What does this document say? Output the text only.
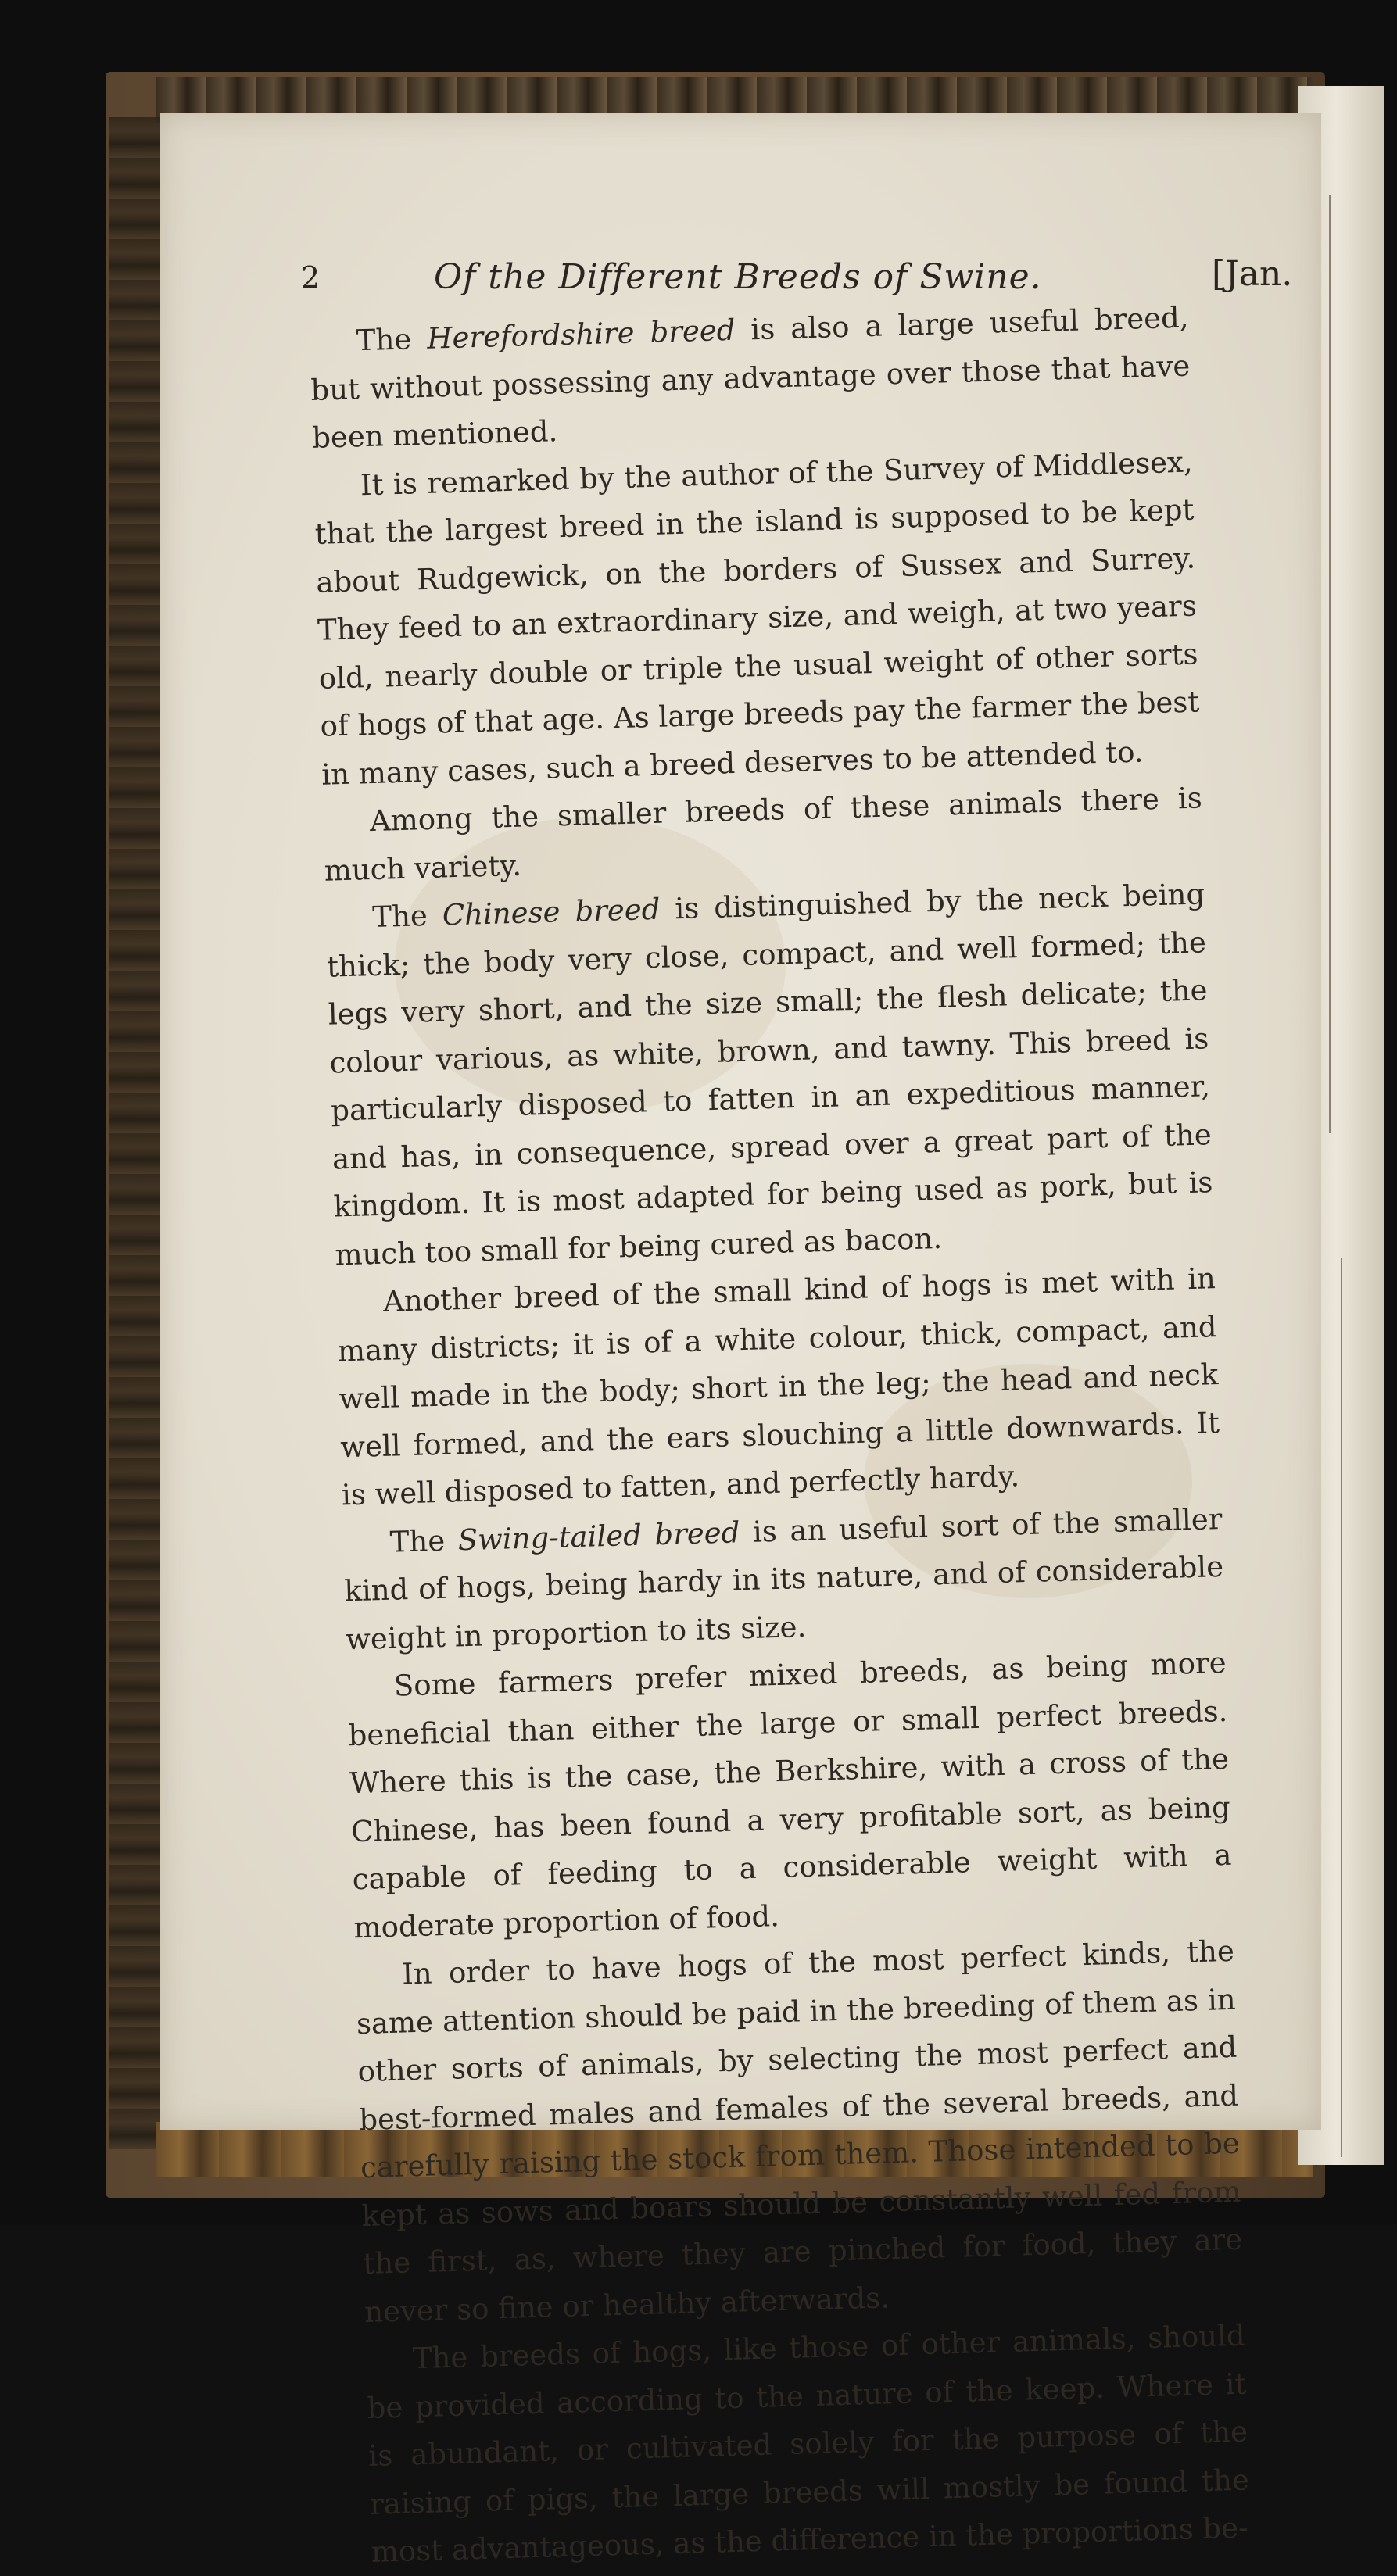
2	Of the Different Breeds of Swine.	[Jan.

The Herefordshire breed is also a large useful breed, but without possessing any advantage over those that have been mentioned.

It is remarked by the author of the Survey of Middlesex, that the largest breed in the island is supposed to be kept about Rudgewick, on the borders of Sussex and Surrey. They feed to an extraordinary size, and weigh, at two years old, nearly double or triple the usual weight of other sorts of hogs of that age. As large breeds pay the farmer the best in many cases, such a breed deserves to be attended to.

Among the smaller breeds of these animals there is much variety.

The Chinese breed is distinguished by the neck being thick; the body very close, compact, and well formed; the legs very short, and the size small; the flesh delicate; the colour various, as white, brown, and tawny. This breed is particularly disposed to fatten in an expeditious manner, and has, in consequence, spread over a great part of the kingdom. It is most adapted for being used as pork, but is much too small for being cured as bacon.

Another breed of the small kind of hogs is met with in many districts; it is of a white colour, thick, compact, and well made in the body; short in the leg; the head and neck well formed, and the ears slouching a little downwards. It is well disposed to fatten, and perfectly hardy.

The Swing-tailed breed is an useful sort of the smaller kind of hogs, being hardy in its nature, and of considerable weight in proportion to its size.

Some farmers prefer mixed breeds, as being more beneficial than either the large or small perfect breeds. Where this is the case, the Berkshire, with a cross of the Chinese, has been found a very profitable sort, as being capable of feeding to a considerable weight with a moderate proportion of food.

In order to have hogs of the most perfect kinds, the same attention should be paid in the breeding of them as in other sorts of animals, by selecting the most perfect and best-formed males and females of the several breeds, and carefully raising the stock from them. Those intended to be kept as sows and boars should be constantly well fed from the first, as, where they are pinched for food, they are never so fine or healthy afterwards.

The breeds of hogs, like those of other animals, should be provided according to the nature of the keep. Where it is abundant, or cultivated solely for the purpose of the raising of pigs, the large breeds will mostly be found the most advantageous, as the difference in the proportions be-
